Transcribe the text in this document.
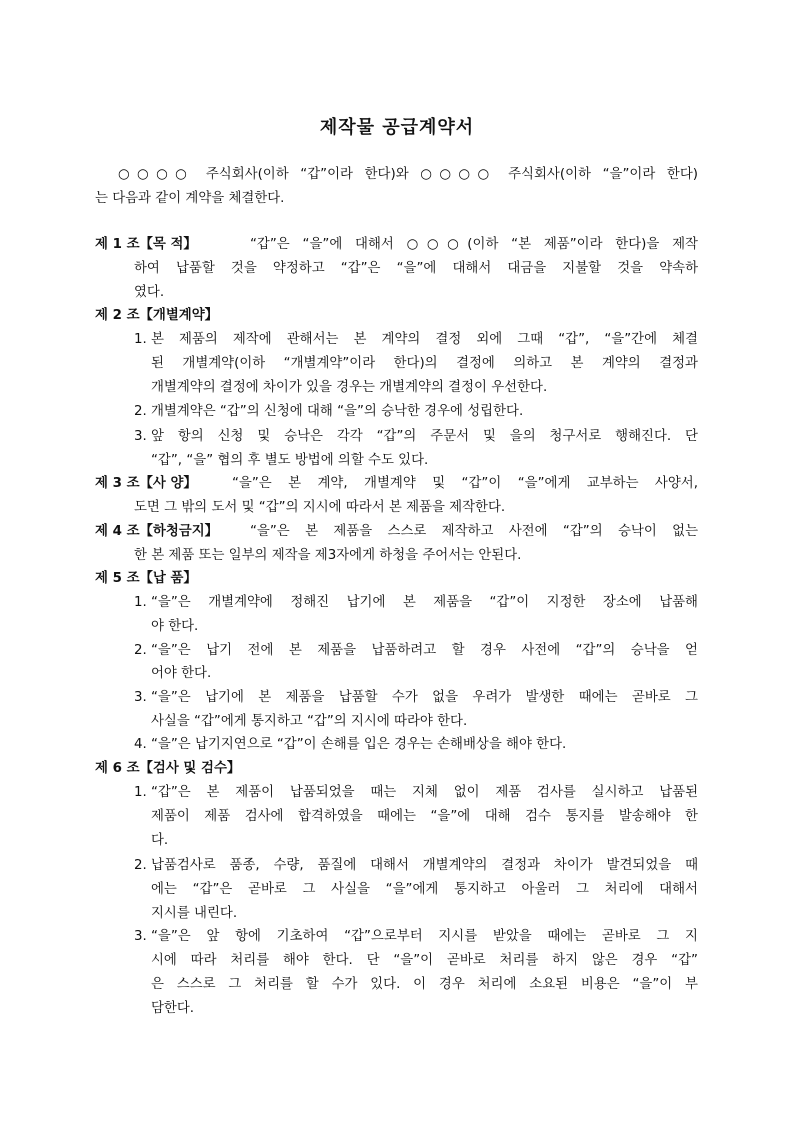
제작물 공급계약서
○○○○ 주식회사(이하 “갑”이라 한다)와 ○○○○ 주식회사(이하 “을”이라 한다)
는 다음과 같이 계약을 체결한다.
제 1 조【목 적】	“갑”은 “을”에 대해서 ○○○(이하 “본 제품”이라 한다)을 제작
하여 납품할 것을 약정하고 “갑”은 “을”에 대해서 대금을 지불할 것을 약속하
였다.
제 2 조【개별계약】
1. 본 제품의 제작에 관해서는 본 계약의 결정 외에 그때 “갑”, “을”간에 체결
된 개별계약(이하 “개별계약”이라 한다)의 결정에 의하고 본 계약의 결정과
개별계약의 결정에 차이가 있을 경우는 개별계약의 결정이 우선한다.
2. 개별계약은 “갑”의 신청에 대해 “을”의 승낙한 경우에 성립한다.
3. 앞 항의 신청 및 승낙은 각각 “갑”의 주문서 및 을의 청구서로 행해진다. 단
“갑”, “을” 협의 후 별도 방법에 의할 수도 있다.
제 3 조【사 양】	“을”은 본 계약, 개별계약 및 “갑”이 “을”에게 교부하는 사양서,
도면 그 밖의 도서 및 “갑”의 지시에 따라서 본 제품을 제작한다.
제 4 조【하청금지】 “을”은 본 제품을 스스로 제작하고 사전에 “갑”의 승낙이 없는
한 본 제품 또는 일부의 제작을 제3자에게 하청을 주어서는 안된다.
제 5 조【납 품】
1. “을”은 개별계약에 정해진 납기에 본 제품을 “갑”이 지정한 장소에 납품해
야 한다.
2. “을”은 납기 전에 본 제품을 납품하려고 할 경우 사전에 “갑”의 승낙을 얻
어야 한다.
3. “을”은 납기에 본 제품을 납품할 수가 없을 우려가 발생한 때에는 곧바로 그
사실을 “갑”에게 통지하고 “갑”의 지시에 따라야 한다.
4. “을”은 납기지연으로 “갑”이 손해를 입은 경우는 손해배상을 해야 한다.
제 6 조【검사 및 검수】
1. “갑”은 본 제품이 납품되었을 때는 지체 없이 제품 검사를 실시하고 납품된
제품이 제품 검사에 합격하였을 때에는 “을”에 대해 검수 통지를 발송해야 한
다.
2. 납품검사로 품종, 수량, 품질에 대해서 개별계약의 결정과 차이가 발견되었을 때
에는 “갑”은 곧바로 그 사실을 “을”에게 통지하고 아울러 그 처리에 대해서
지시를 내린다.
3. “을”은 앞 항에 기초하여 “갑”으로부터 지시를 받았을 때에는 곧바로 그 지
시에 따라 처리를 해야 한다. 단 “을”이 곧바로 처리를 하지 않은 경우 “갑”
은 스스로 그 처리를 할 수가 있다. 이 경우 처리에 소요된 비용은 “을”이 부
담한다.
